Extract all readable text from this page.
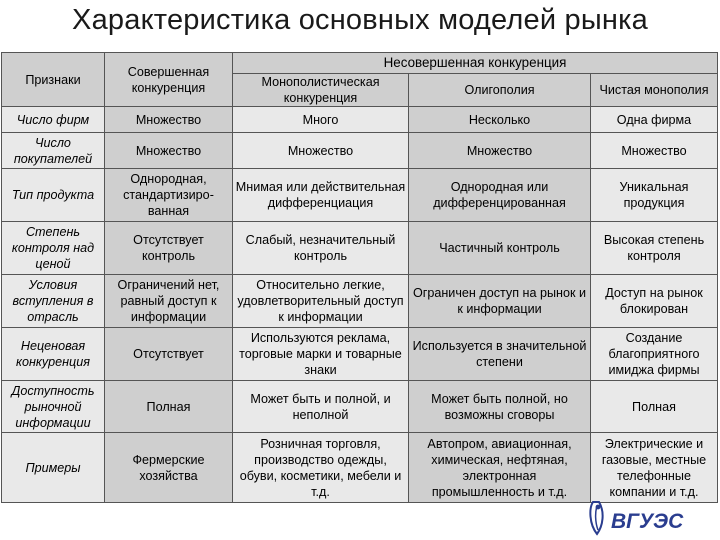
Характеристика основных моделей рынка
Признаки	Совершенная конкуренция	Несовершенная конкуренция		
		Монополистическая конкуренция	Олигополия	Чистая монополия
Число фирм	Множество	Много	Несколько	Одна фирма
Число покупателей	Множество	Множество	Множество	Множество
Тип продукта	Однородная, стандартизиро-ванная	Мнимая или действительная дифференциация	Однородная или дифференцированная	Уникальная продукция
Степень контроля над ценой	Отсутствует контроль	Слабый, незначительный контроль	Частичный контроль	Высокая степень контроля
Условия вступления в отрасль	Ограничений нет, равный доступ к информации	Относительно легкие, удовлетворительный доступ к информации	Ограничен доступ на рынок и к информации	Доступ на рынок блокирован
Неценовая конкуренция	Отсутствует	Используются реклама, торговые марки и товарные знаки	Используется в значительной степени	Создание благоприятного имиджа фирмы
Доступность рыночной информации	Полная	Может быть и полной, и неполной	Может быть полной, но возможны сговоры	Полная
Примеры	Фермерские хозяйства	Розничная торговля, производство одежды, обуви, косметики, мебели и т.д.	Автопром, авиационная, химическая, нефтяная, электронная промышленность и т.д.	Электрические и газовые, местные телефонные компании и т.д.
ВГУЭС
